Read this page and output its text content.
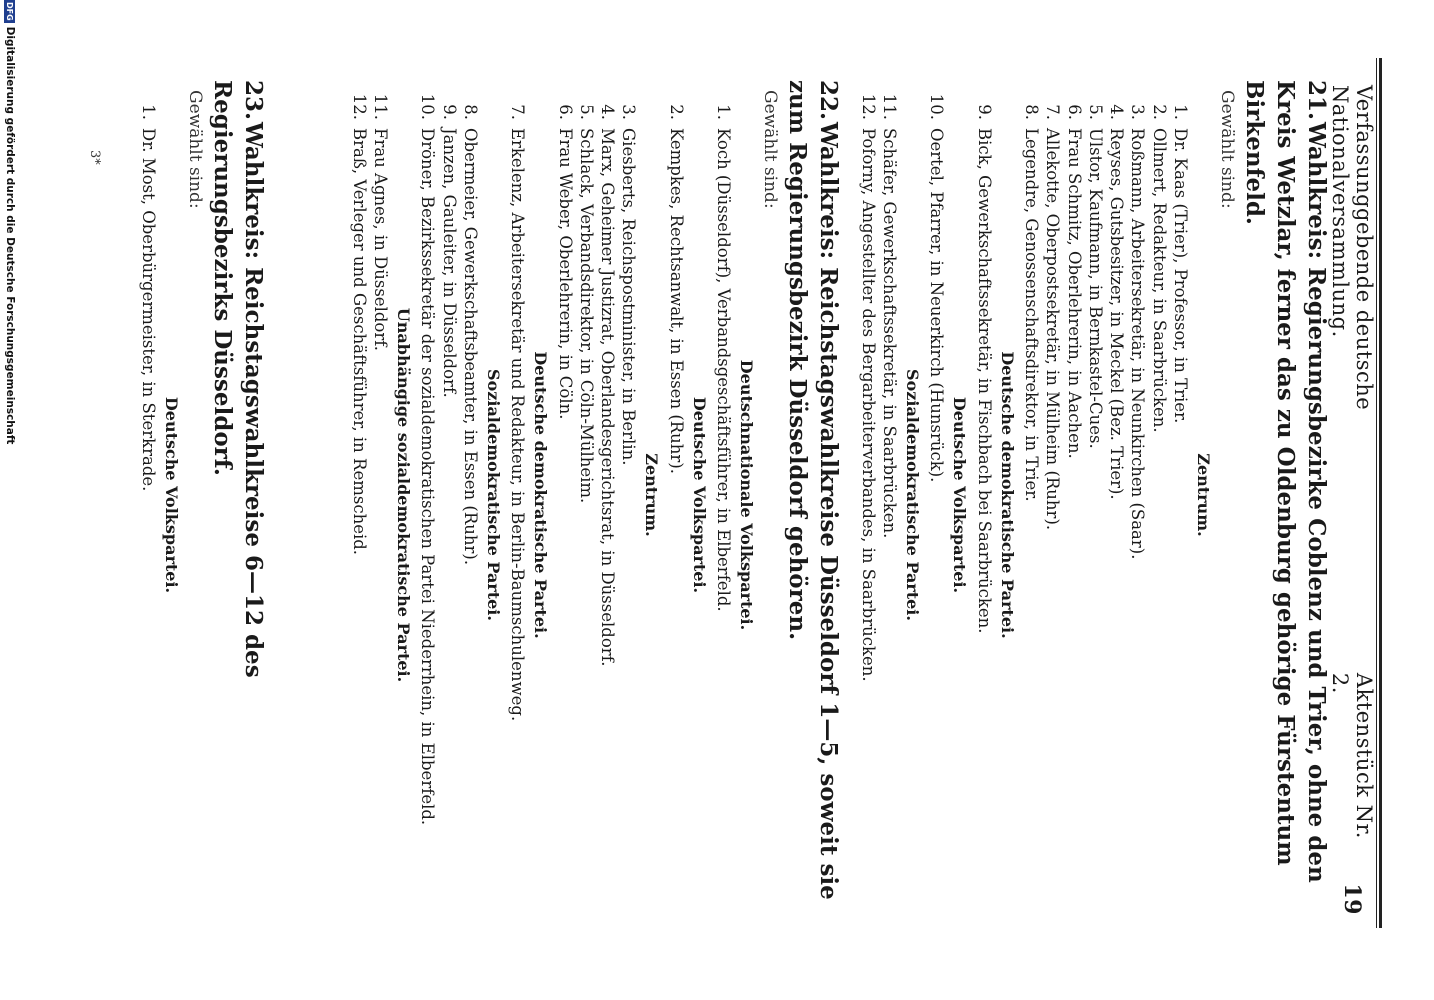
Verfassunggebende deutsche Nationalversammlung.
Aktenstück Nr. 2.
19

21.Wahlkreis: Regierungsbezirke Coblenz und Trier, ohne den Kreis Wetzlar, ferner das zu Oldenburg gehörige Fürstentum Birkenfeld.

Gewählt sind:
Zentrum.
1.
Dr. Kaas (Trier), Professor, in Trier.
2.
Ollmert, Redakteur, in Saarbrücken.
3.
Roßmann, Arbeitersekretär, in Neunkirchen (Saar).
4.
Reyses, Gutsbesitzer, in Meckel (Bez. Trier).
5.
Ulstor, Kaufmann, in Bernkastel-Cues.
6.
Frau Schmitz, Oberlehrerin, in Aachen.
7.
Allekotte, Oberpostsekretär, in Mülheim (Ruhr).
8.
Legendre, Genossenschaftsdirektor, in Trier.
Deutsche demokratische Partei.
9.
Bick, Gewerkschaftssekretär, in Fischbach bei Saarbrücken.
Deutsche Volkspartei.
10.
Oertel, Pfarrer, in Neuerkirch (Hunsrück).
Sozialdemokratische Partei.
11.
Schäfer, Gewerkschaftssekretär, in Saarbrücken.
12.
Poforny, Angestellter des Bergarbeiterverbandes, in Saarbrücken.

22.Wahlkreis: Reichstagswahlkreise Düsseldorf 1—5, soweit sie zum Regierungsbezirk Düsseldorf gehören.

Gewählt sind:
Deutschnationale Volkspartei.
1.
Koch (Düsseldorf), Verbandsgeschäftsführer, in Elberfeld.
Deutsche Volkspartei.
2.
Kempkes, Rechtsanwalt, in Essen (Ruhr).
Zentrum.
3.
Giesberts, Reichspostminister, in Berlin.
4.
Marx, Geheimer Justizrat, Oberlandesgerichtsrat, in Düsseldorf.
5.
Schlack, Verbandsdirektor, in Cöln-Mülheim.
6.
Frau Weber, Oberlehrerin, in Cöln.
Deutsche demokratische Partei.
7.
Erkelenz, Arbeitersekretär und Redakteur, in Berlin-Baumschulenweg.
Sozialdemokratische Partei.
8.
Obermeier, Gewerkschaftsbeamter, in Essen (Ruhr).
9.
Janzen, Gauleiter, in Düsseldorf.
10.
Dröner, Bezirkssekretär der sozialdemokratischen Partei Niederrhein, in Elberfeld.
Unabhängige sozialdemokratische Partei.
11.
Frau Agnes, in Düsseldorf.
12.
Braß, Verleger und Geschäftsführer, in Remscheid.

23.Wahlkreis: Reichstagswahlkreise 6—12 des Regierungsbezirks Düsseldorf.

Gewählt sind:
Deutsche Volkspartei.
1.
Dr. Most, Oberbürgermeister, in Sterkrade.
3*
DFG
Digitalisierung gefördert durch die Deutsche Forschungsgemeinschaft
